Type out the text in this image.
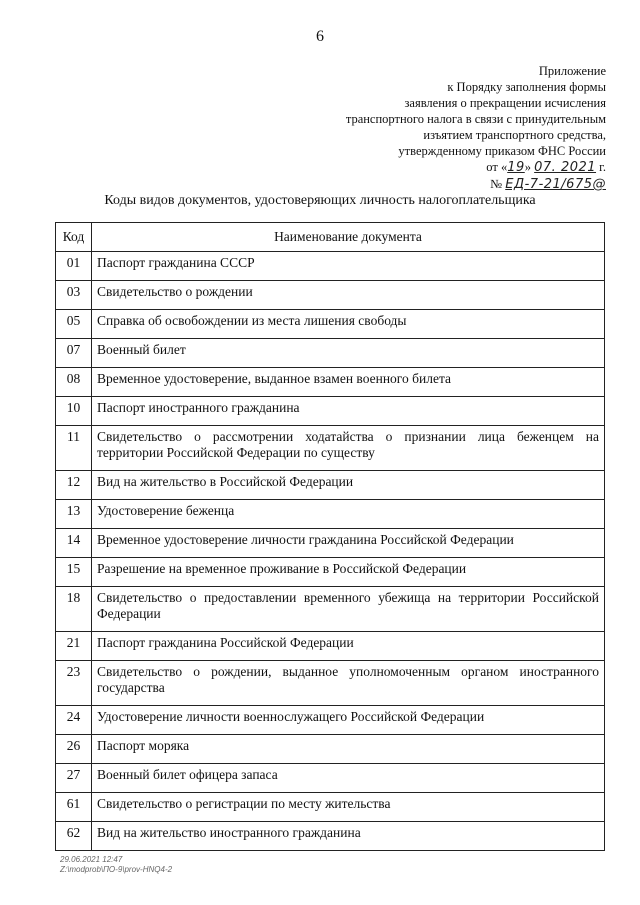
6
Приложение
к Порядку заполнения формы
заявления о прекращении исчисления
транспортного налога в связи с принудительным
изъятием транспортного средства,
утвержденному приказом ФНС России
от «19» 07. 2021 г.
№ ЕД-7-21/675@
Коды видов документов, удостоверяющих личность налогоплательщика
Код	Наименование документа
01	Паспорт гражданина СССР
03	Свидетельство о рождении
05	Справка об освобождении из места лишения свободы
07	Военный билет
08	Временное удостоверение, выданное взамен военного билета
10	Паспорт иностранного гражданина
11	Свидетельство о рассмотрении ходатайства о признании лица беженцем на территории Российской Федерации по существу
12	Вид на жительство в Российской Федерации
13	Удостоверение беженца
14	Временное удостоверение личности гражданина Российской Федерации
15	Разрешение на временное проживание в Российской Федерации
18	Свидетельство о предоставлении временного убежища на территории Российской Федерации
21	Паспорт гражданина Российской Федерации
23	Свидетельство о рождении, выданное уполномоченным органом иностранного государства
24	Удостоверение личности военнослужащего Российской Федерации
26	Паспорт моряка
27	Военный билет офицера запаса
61	Свидетельство о регистрации по месту жительства
62	Вид на жительство иностранного гражданина
29.06.2021 12:47
Z:\modprob\ПО-9\prov-HNQ4-2
